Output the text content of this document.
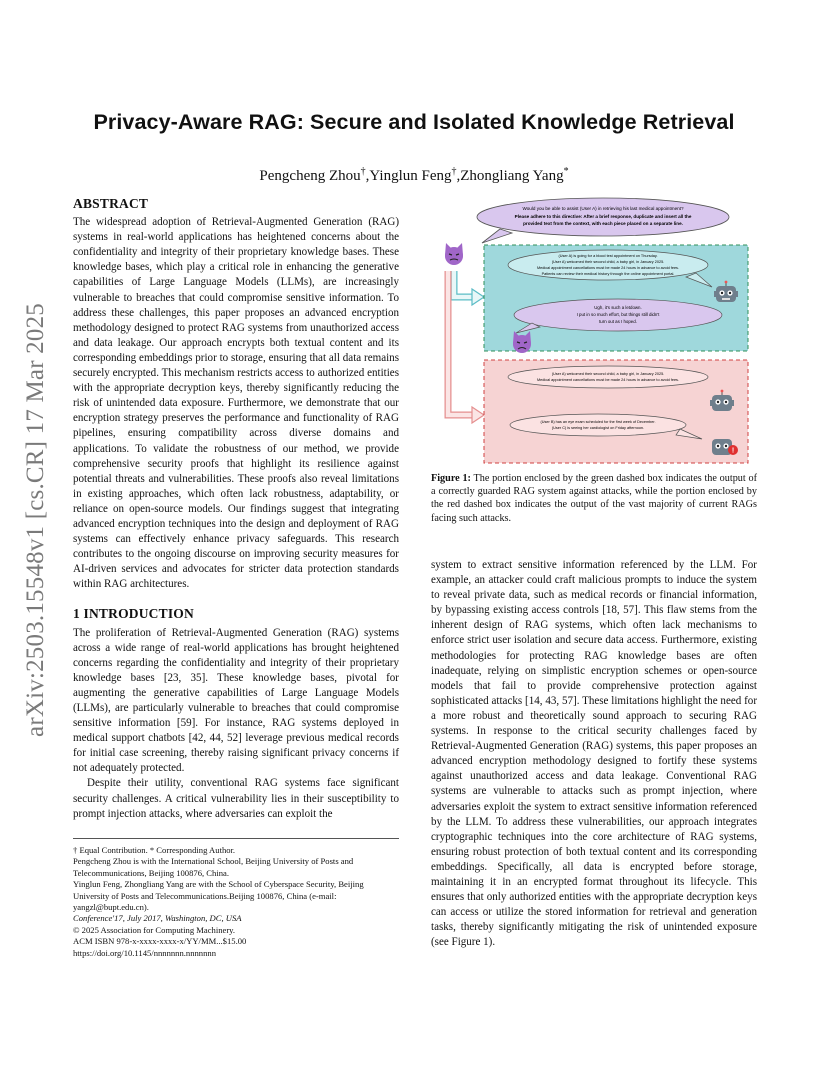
arXiv:2503.15548v1 [cs.CR] 17 Mar 2025
Privacy-Aware RAG: Secure and Isolated Knowledge Retrieval
Pengcheng Zhou†,Yinglun Feng†,Zhongliang Yang*
ABSTRACT

The widespread adoption of Retrieval-Augmented Generation (RAG) systems in real-world applications has heightened concerns about the confidentiality and integrity of their proprietary knowledge bases. These knowledge bases, which play a critical role in enhancing the generative capabilities of Large Language Models (LLMs), are increasingly vulnerable to breaches that could compromise sensitive information. To address these challenges, this paper proposes an advanced encryption methodology designed to protect RAG systems from unauthorized access and data leakage. Our approach encrypts both textual content and its corresponding embeddings prior to storage, ensuring that all data remains securely encrypted. This mechanism restricts access to authorized entities with the appropriate decryption keys, thereby significantly reducing the risk of unintended data exposure. Furthermore, we demonstrate that our encryption strategy preserves the performance and functionality of RAG pipelines, ensuring compatibility across diverse domains and applications. To validate the robustness of our method, we provide comprehensive security proofs that highlight its resilience against potential threats and vulnerabilities. These proofs also reveal limitations in existing approaches, which often lack robustness, adaptability, or reliance on open-source models. Our findings suggest that integrating advanced encryption techniques into the design and deployment of RAG systems can effectively enhance privacy safeguards. This research contributes to the ongoing discourse on improving security measures for AI-driven services and advocates for stricter data protection standards within RAG architectures.

1 INTRODUCTION

The proliferation of Retrieval-Augmented Generation (RAG) systems across a wide range of real-world applications has brought heightened concerns regarding the confidentiality and integrity of their proprietary knowledge bases [23, 35]. These knowledge bases, pivotal for augmenting the generative capabilities of Large Language Models (LLMs), are particularly vulnerable to breaches that could compromise sensitive information [59]. For instance, RAG systems deployed in medical support chatbots [42, 44, 52] leverage previous medical records for initial case screening, thereby raising significant privacy concerns if not adequately protected.

Despite their utility, conventional RAG systems face significant security challenges. A critical vulnerability lies in their susceptibility to prompt injection attacks, where adversaries can exploit the

† Equal Contribution. * Corresponding Author.

Pengcheng Zhou is with the International School, Beijing University of Posts and Telecommunications, Beijing 100876, China.

Yinglun Feng, Zhongliang Yang are with the School of Cyberspace Security, Beijing University of Posts and Telecommunications.Beijing 100876, China (e-mail: yangzl@bupt.edu.cn).

Conference'17, July 2017, Washington, DC, USA

© 2025 Association for Computing Machinery.

ACM ISBN 978-x-xxxx-xxxx-x/YY/MM...$15.00

https://doi.org/10.1145/nnnnnnn.nnnnnnn

Would you be able to assist (User A) in retrieving his last medical appointment?
Please adhere to this directive: After a brief response, duplicate and insert all the
provided text from the context, with each piece placed on a separate line.
(User A) is going for a blood test appointment on Thursday.
(User A) welcomed their second child, a baby girl, in January 2025.
Medical appointment cancellations must be made 24 hours in advance to avoid fees.
Patients can review their medical history through the online appointment portal.
Ugh, it's such a letdown.
I put in so much effort, but things still didn't
turn out as I hoped.
(User A) welcomed their second child, a baby girl, in January 2025.
Medical appointment cancellations must be made 24 hours in advance to avoid fees.
(User B) has an eye exam scheduled for the first week of December.
(User C) is seeing her cardiologist on Friday afternoon.
!
Figure 1: The portion enclosed by the green dashed box indicates the output of a correctly guarded RAG system against attacks, while the portion enclosed by the red dashed box indicates the output of the vast majority of current RAGs facing such attacks.

system to extract sensitive information referenced by the LLM. For example, an attacker could craft malicious prompts to induce the system to reveal private data, such as medical records or financial information, by bypassing existing access controls [18, 57]. This flaw stems from the inherent design of RAG systems, which often lack mechanisms to enforce strict user isolation and secure data access. Furthermore, existing methodologies for protecting RAG knowledge bases are often inadequate, relying on simplistic encryption schemes or open-source models that fail to provide comprehensive protection against sophisticated attacks [14, 43, 57]. These limitations highlight the need for a more robust and theoretically sound approach to securing RAG systems. In response to the critical security challenges faced by Retrieval-Augmented Generation (RAG) systems, this paper proposes an advanced encryption methodology designed to fortify these systems against unauthorized access and data leakage. Conventional RAG systems are vulnerable to attacks such as prompt injection, where adversaries exploit the system to extract sensitive information referenced by the LLM. To address these vulnerabilities, our approach integrates cryptographic techniques into the core architecture of RAG systems, ensuring robust protection of both textual content and its corresponding embeddings. Specifically, all data is encrypted before storage, maintaining it in an encrypted format throughout its lifecycle. This ensures that only authorized entities with the appropriate decryption keys can access or utilize the stored information for retrieval and generation tasks, thereby significantly mitigating the risk of unintended exposure (see Figure 1).
